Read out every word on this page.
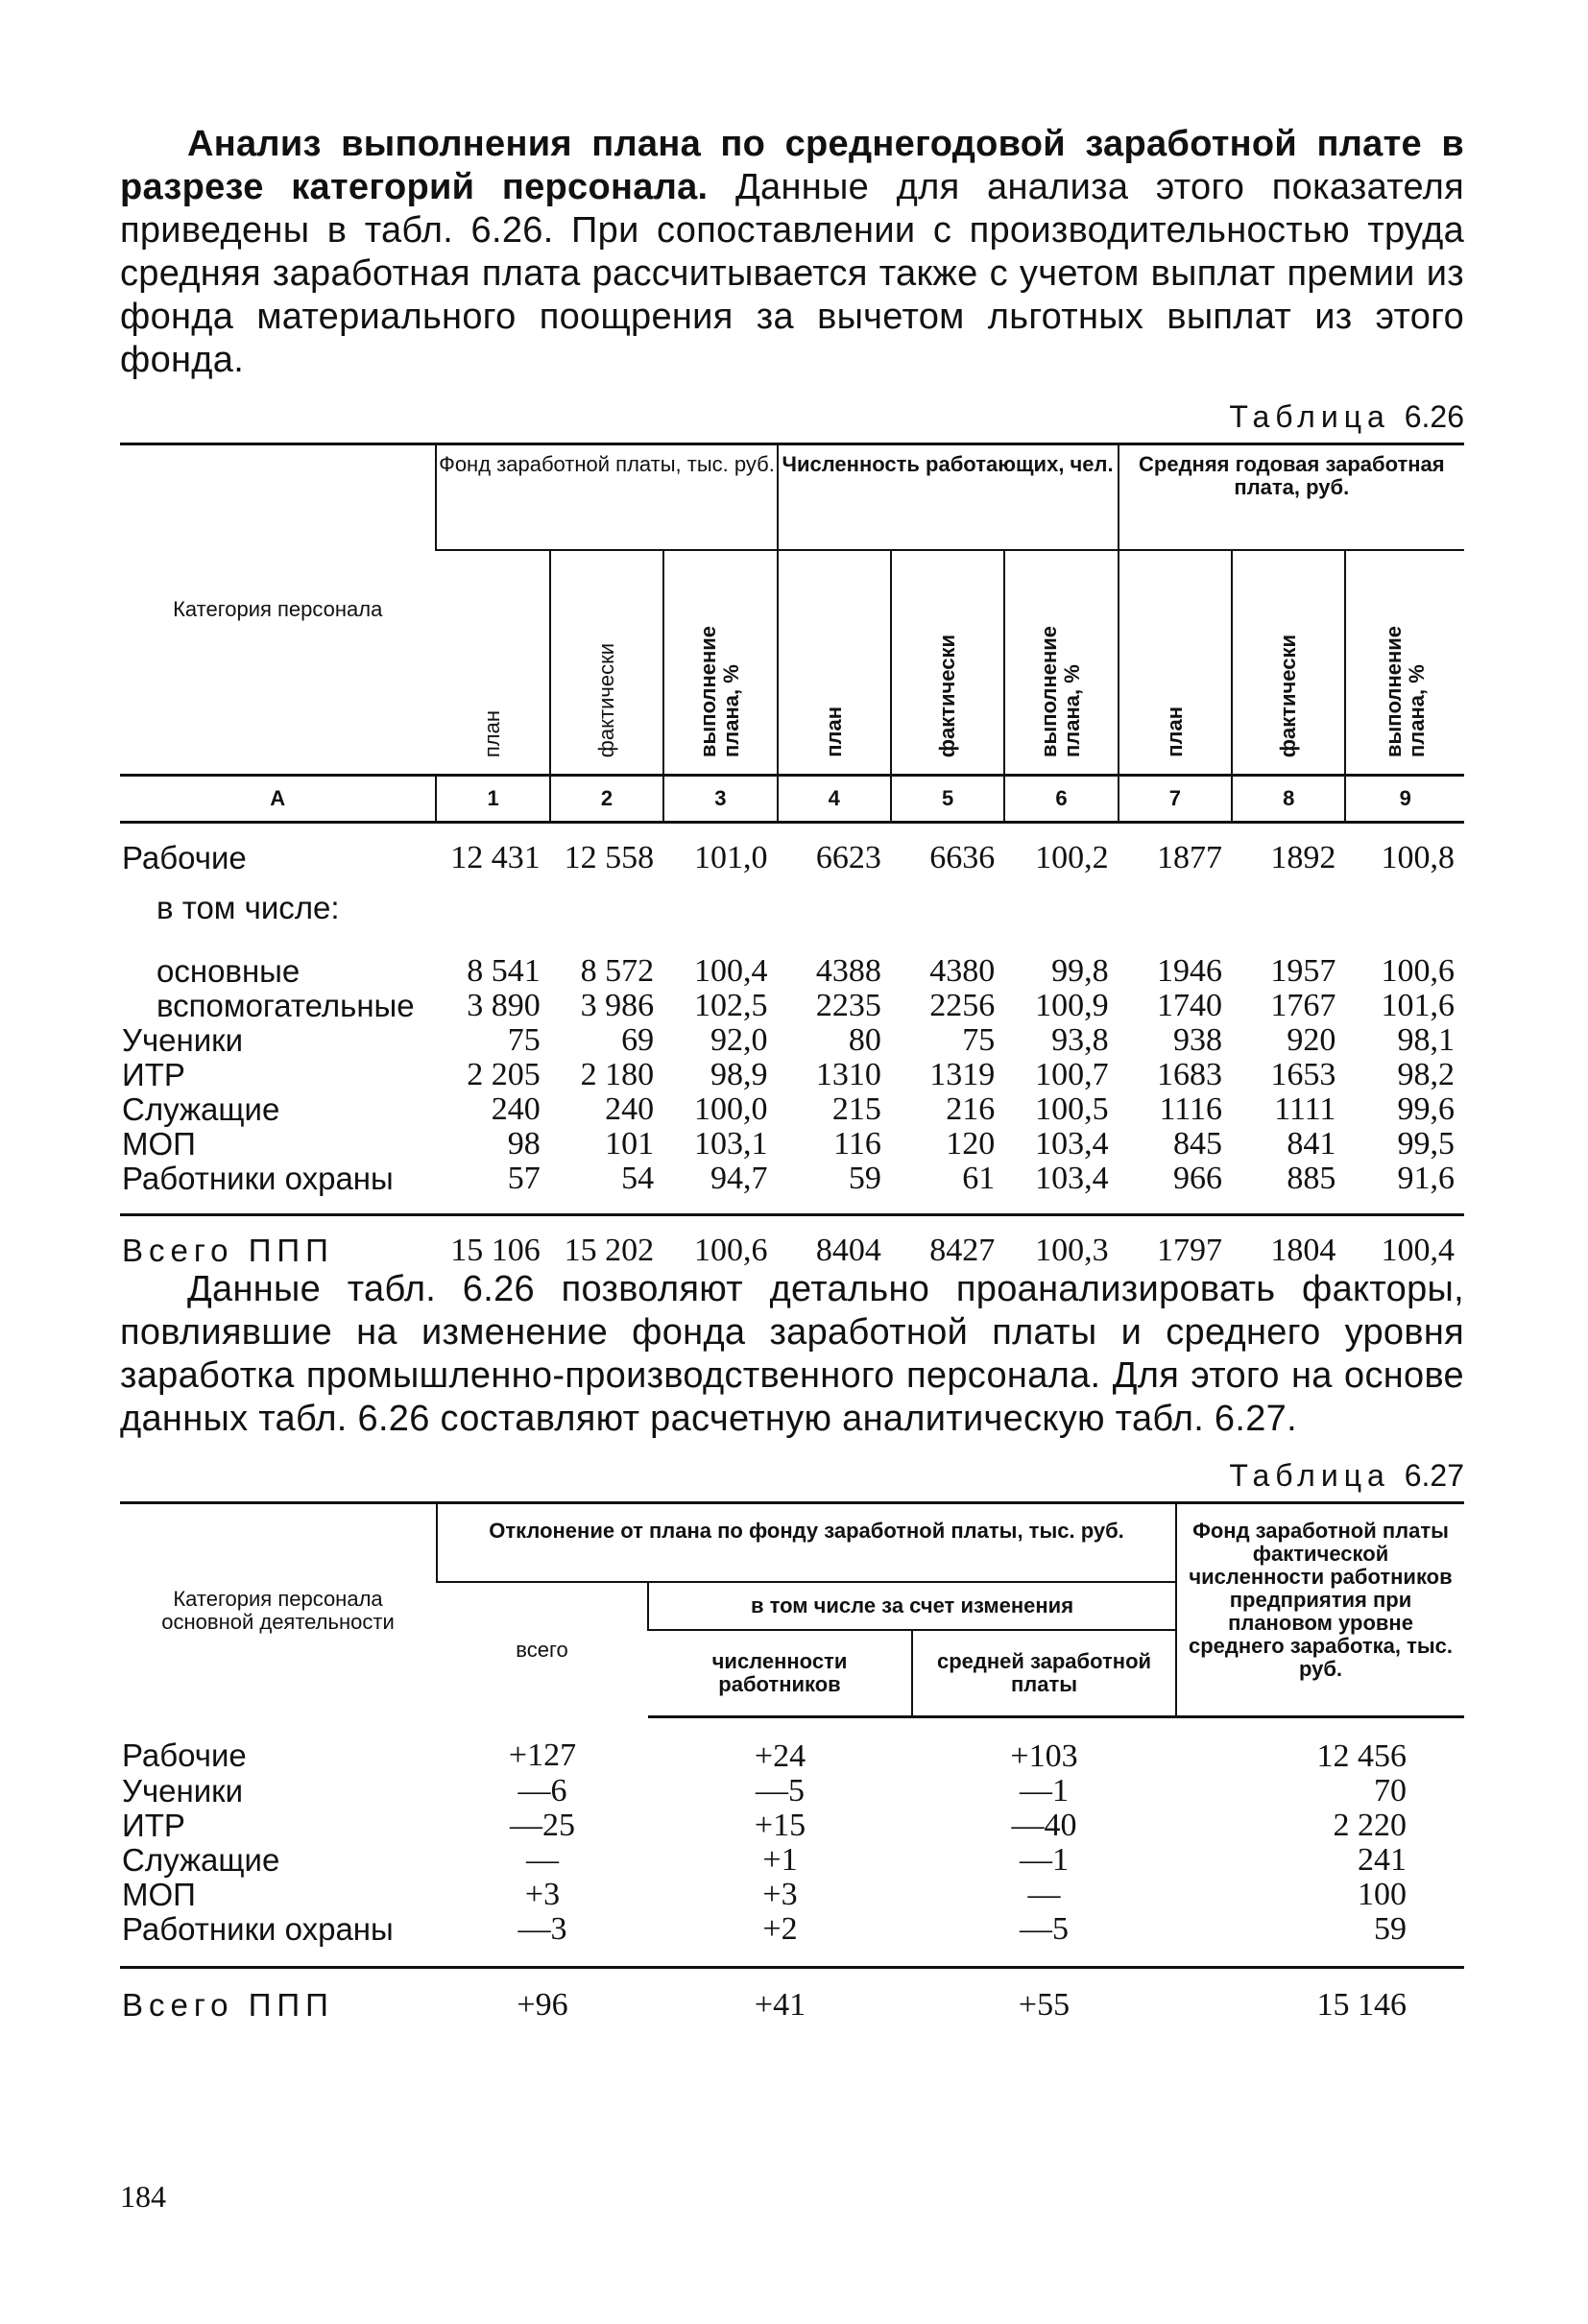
Анализ выполнения плана по среднегодовой заработной плате в разрезе категорий персонала. Данные для анализа этого показателя приведены в табл. 6.26. При сопоставлении с производительностью труда средняя заработная плата рассчитывается также с учетом выплат премии из фонда материального поощрения за вычетом льготных выплат из этого фонда.

Таблица 6.26
Категория персонала	Фонд заработной платы, тыс. руб.			Численность работающих, чел.			Средняя годовая заработная плата, руб.		
	план	фактически	выполнение плана, %	план	фактически	выполнение плана, %	план	фактически	выполнение плана, %
А	1	2	3	4	5	6	7	8	9
Рабочие	12 431	12 558	101,0	6623	6636	100,2	1877	1892	100,8
в том числе:									
основные	8 541	8 572	100,4	4388	4380	99,8	1946	1957	100,6
вспомогательные	3 890	3 986	102,5	2235	2256	100,9	1740	1767	101,6
Ученики	75	69	92,0	80	75	93,8	938	920	98,1
ИТР	2 205	2 180	98,9	1310	1319	100,7	1683	1653	98,2
Служащие	240	240	100,0	215	216	100,5	1116	1111	99,6
МОП	98	101	103,1	116	120	103,4	845	841	99,5
Работники охраны	57	54	94,7	59	61	103,4	966	885	91,6
Всего ППП	15 106	15 202	100,6	8404	8427	100,3	1797	1804	100,4

Данные табл. 6.26 позволяют детально проанализировать факторы, повлиявшие на изменение фонда заработной платы и среднего уровня заработка промышленно-производственного персонала. Для этого на основе данных табл. 6.26 составляют расчетную аналитическую табл. 6.27.

Таблица 6.27
Категория персонала основной деятельности	Отклонение от плана по фонду заработной платы, тыс. руб.			Фонд заработной платы фактической численности работников предприятия при плановом уровне среднего заработка, тыс. руб.
	всего	в том числе за счет изменения		
		численности работников	средней заработной платы	
Рабочие	+127	+24	+103	12 456
Ученики	—6	—5	—1	70
ИТР	—25	+15	—40	2 220
Служащие	—	+1	—1	241
МОП	+3	+3	—	100
Работники охраны	—3	+2	—5	59
Всего ППП	+96	+41	+55	15 146
184
